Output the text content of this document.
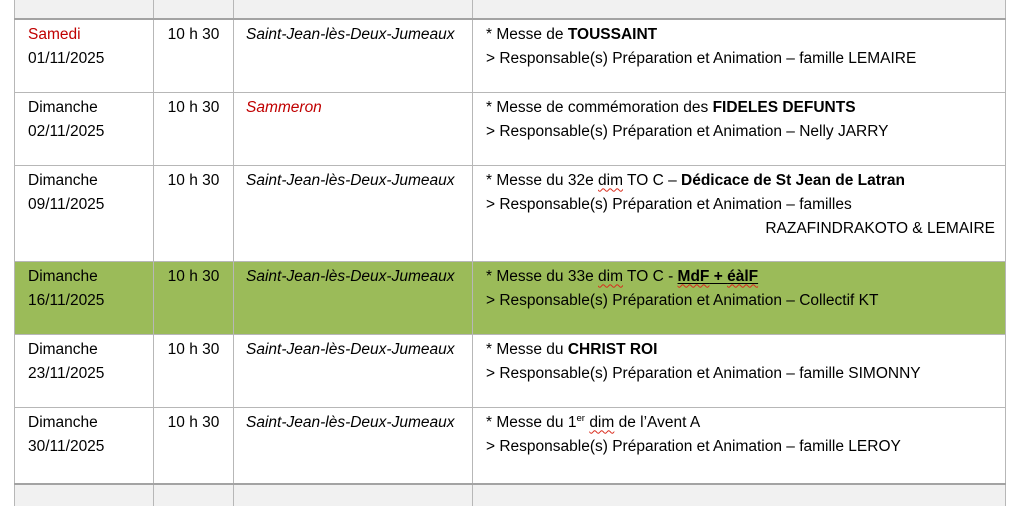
Samedi
01/11/2025
	10 h 30	Saint-Jean-lès-Deux-Jumeaux	* Messe de TOUSSAINT
> Responsable(s) Préparation et Animation – famille LEMAIRE

Dimanche
02/11/2025
	10 h 30	Sammeron	* Messe de commémoration des FIDELES DEFUNTS
> Responsable(s) Préparation et Animation – Nelly JARRY

Dimanche
09/11/2025
	10 h 30	Saint-Jean-lès-Deux-Jumeaux	* Messe du 32e dim TO C – Dédicace de St Jean de Latran
> Responsable(s) Préparation et Animation – familles
RAZAFINDRAKOTO & LEMAIRE

Dimanche
16/11/2025
	10 h 30	Saint-Jean-lès-Deux-Jumeaux	* Messe du 33e dim TO C - MdF + éàlF
> Responsable(s) Préparation et Animation – Collectif KT

Dimanche
23/11/2025
	10 h 30	Saint-Jean-lès-Deux-Jumeaux	* Messe du CHRIST ROI
> Responsable(s) Préparation et Animation – famille SIMONNY

Dimanche
30/11/2025
	10 h 30	Saint-Jean-lès-Deux-Jumeaux	* Messe du 1er dim de l’Avent A
> Responsable(s) Préparation et Animation – famille LEROY
